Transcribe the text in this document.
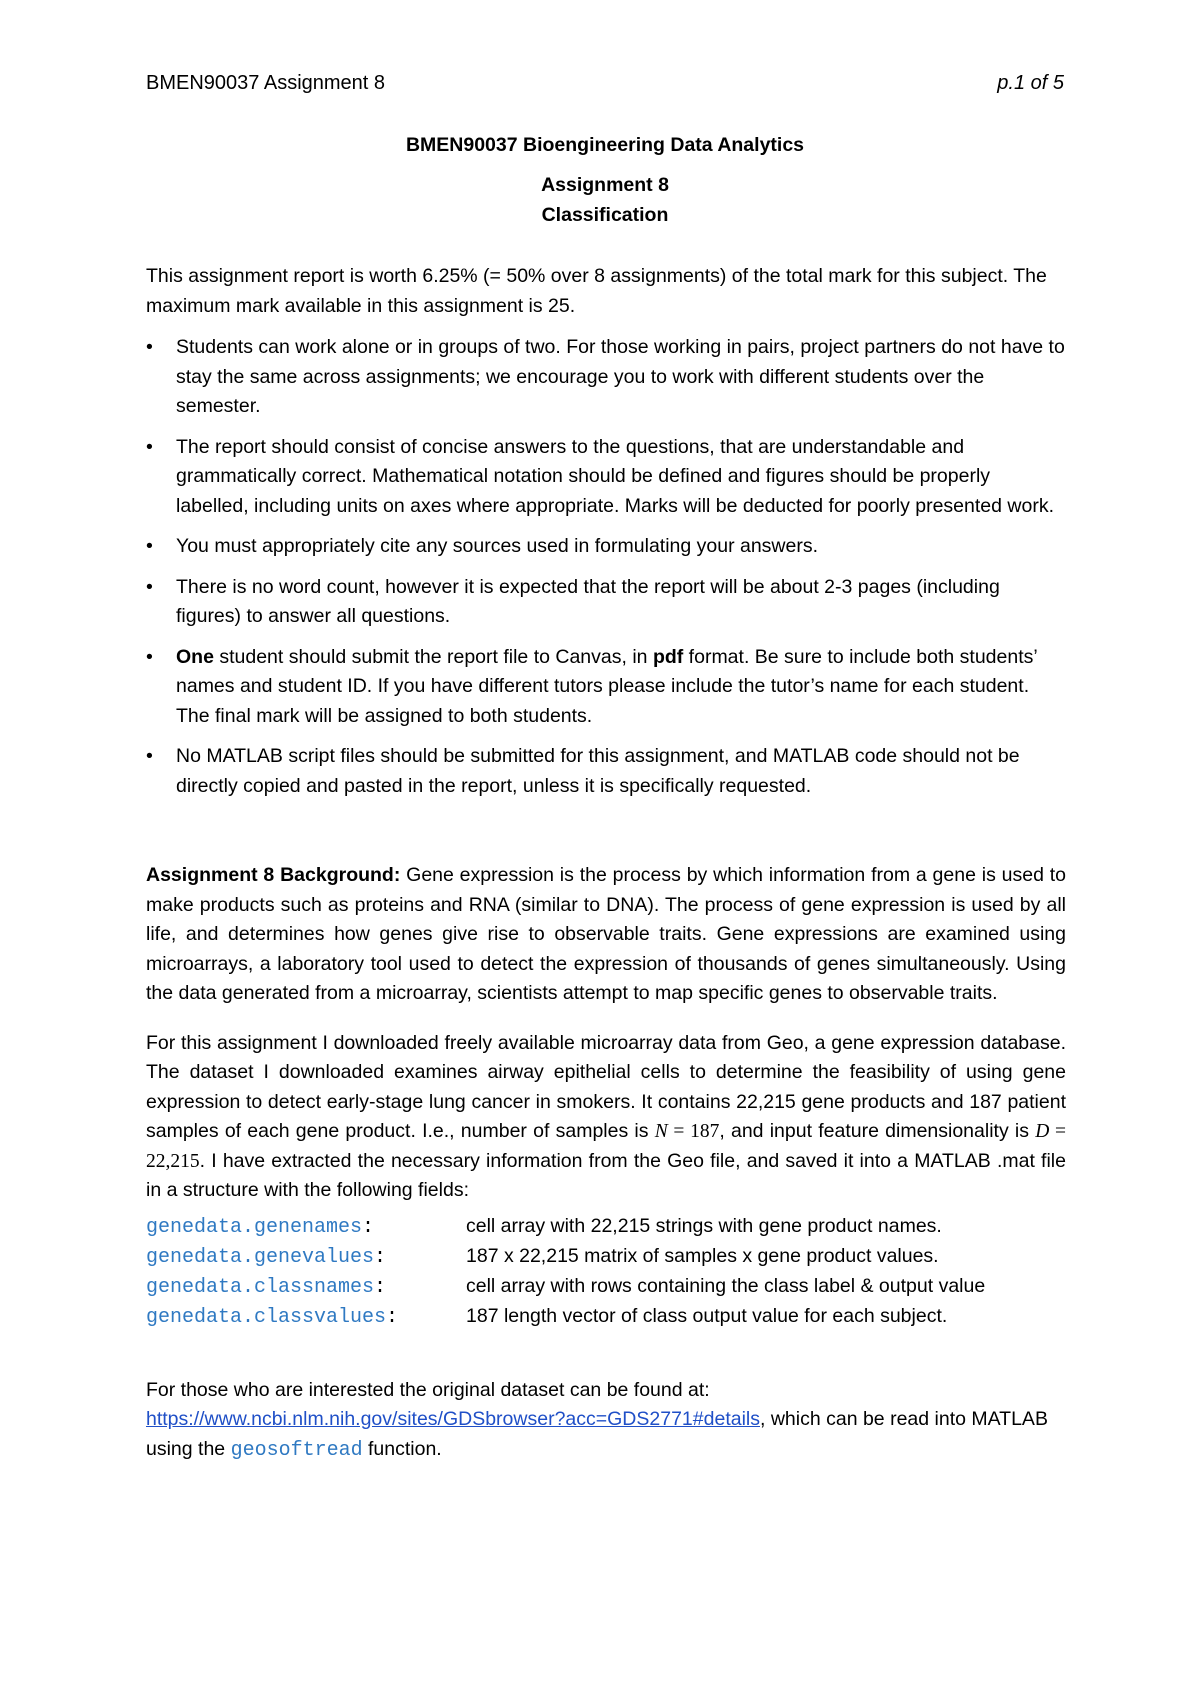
BMEN90037 Assignment 8	p.1 of 5
BMEN90037 Bioengineering Data Analytics
Assignment 8
Classification

This assignment report is worth 6.25% (= 50% over 8 assignments) of the total mark for this subject. The maximum mark available in this assignment is 25.

• Students can work alone or in groups of two. For those working in pairs, project partners do not have to stay the same across assignments; we encourage you to work with different students over the semester.
• The report should consist of concise answers to the questions, that are understandable and grammatically correct. Mathematical notation should be defined and figures should be properly labelled, including units on axes where appropriate. Marks will be deducted for poorly presented work.
• You must appropriately cite any sources used in formulating your answers.
• There is no word count, however it is expected that the report will be about 2-3 pages (including figures) to answer all questions.
• One student should submit the report file to Canvas, in pdf format. Be sure to include both students’ names and student ID. If you have different tutors please include the tutor’s name for each student. The final mark will be assigned to both students.
• No MATLAB script files should be submitted for this assignment, and MATLAB code should not be directly copied and pasted in the report, unless it is specifically requested.

Assignment 8 Background: Gene expression is the process by which information from a gene is used to make products such as proteins and RNA (similar to DNA). The process of gene expression is used by all life, and determines how genes give rise to observable traits. Gene expressions are examined using microarrays, a laboratory tool used to detect the expression of thousands of genes simultaneously. Using the data generated from a microarray, scientists attempt to map specific genes to observable traits.

For this assignment I downloaded freely available microarray data from Geo, a gene expression database. The dataset I downloaded examines airway epithelial cells to determine the feasibility of using gene expression to detect early-stage lung cancer in smokers. It contains 22,215 gene products and 187 patient samples of each gene product. I.e., number of samples is N = 187, and input feature dimensionality is D = 22,215. I have extracted the necessary information from the Geo file, and saved it into a MATLAB .mat file in a structure with the following fields:

genedata.genenames:	cell array with 22,215 strings with gene product names.
genedata.genevalues:	187 x 22,215 matrix of samples x gene product values.
genedata.classnames:	cell array with rows containing the class label & output value
genedata.classvalues:	187 length vector of class output value for each subject.

For those who are interested the original dataset can be found at:

https://www.ncbi.nlm.nih.gov/sites/GDSbrowser?acc=GDS2771#details, which can be read into MATLAB using the geosoftread function.
